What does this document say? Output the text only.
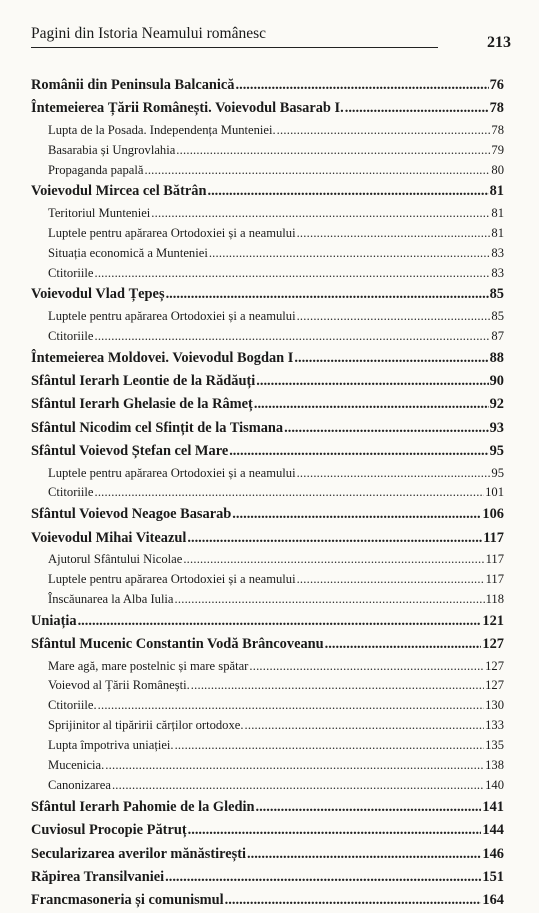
Pagini din Istoria Neamului românesc
213
Românii din Peninsula Balcanică .....	76
Întemeierea Țării Românești. Voievodul Basarab I. .....	78
Lupta de la Posada. Independența Munteniei. .....	78
Basarabia și Ungrovlahia .....	79
Propaganda papală .....	80
Voievodul Mircea cel Bătrân .....	81
Teritoriul Munteniei .....	81
Luptele pentru apărarea Ortodoxiei și a neamului .....	81
Situația economică a Munteniei .....	83
Ctitoriile .....	83
Voievodul Vlad Țepeș .....	85
Luptele pentru apărarea Ortodoxiei și a neamului .....	85
Ctitoriile .....	87
Întemeierea Moldovei. Voievodul Bogdan I .....	88
Sfântul Ierarh Leontie de la Rădăuți .....	90
Sfântul Ierarh Ghelasie de la Râmeț .....	92
Sfântul Nicodim cel Sfințit de la Tismana .....	93
Sfântul Voievod Ștefan cel Mare .....	95
Luptele pentru apărarea Ortodoxiei și a neamului .....	95
Ctitoriile .....	101
Sfântul Voievod Neagoe Basarab .....	106
Voievodul Mihai Viteazul .....	117
Ajutorul Sfântului Nicolae .....	117
Luptele pentru apărarea Ortodoxiei și a neamului .....	117
Înscăunarea la Alba Iulia .....	118
Uniația .....	121
Sfântul Mucenic Constantin Vodă Brâncoveanu .....	127
Mare agă, mare postelnic și mare spătar .....	127
Voievod al Țării Românești. .....	127
Ctitoriile. .....	130
Sprijinitor al tipăririi cărților ortodoxe. .....	133
Lupta împotriva uniației. .....	135
Mucenicia. .....	138
Canonizarea .....	140
Sfântul Ierarh Pahomie de la Gledin .....	141
Cuviosul Procopie Pătruț .....	144
Secularizarea averilor mănăstirești .....	146
Răpirea Transilvaniei .....	151
Francmasoneria și comunismul .....	164
